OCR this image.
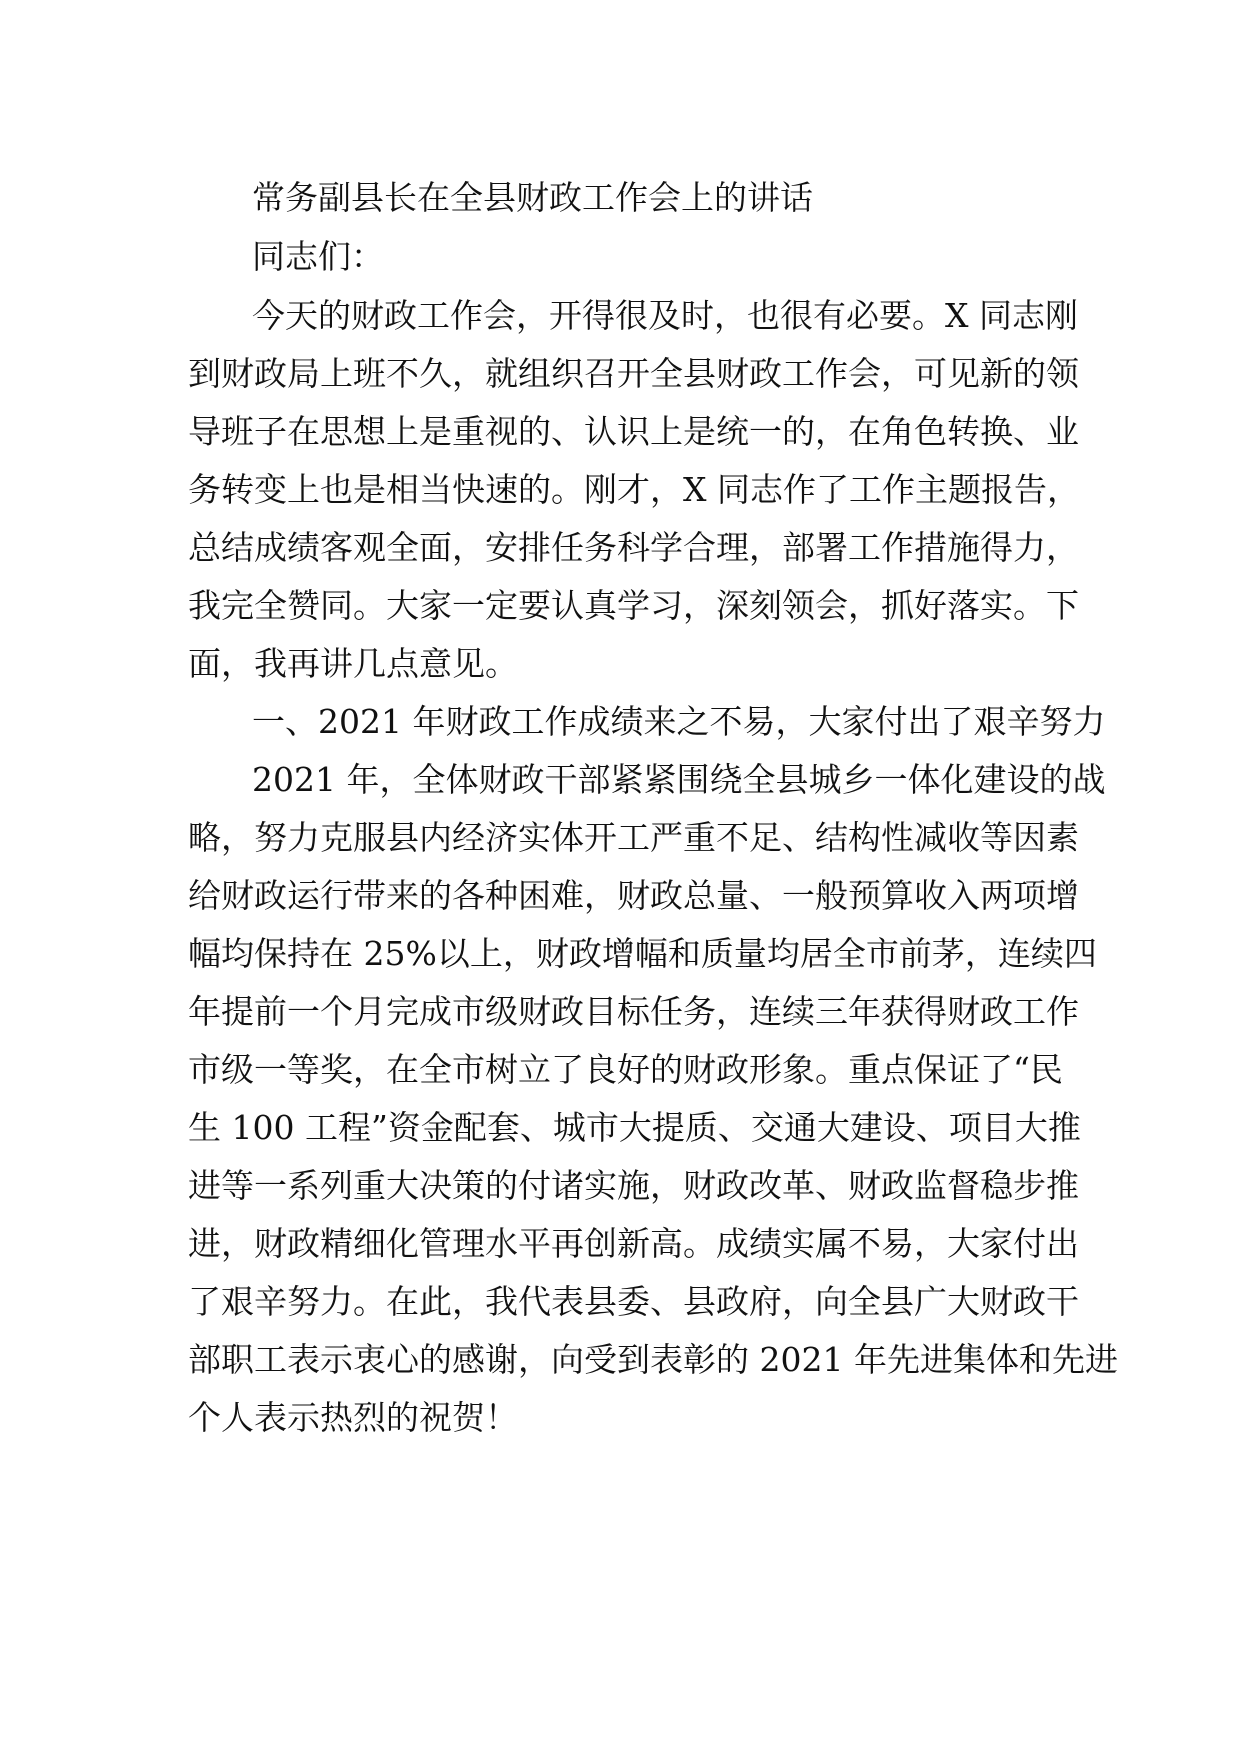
常务副县长在全县财政工作会上的讲话
同志们：
今天的财政工作会，开得很及时，也很有必要。X 同志刚
到财政局上班不久，就组织召开全县财政工作会，可见新的领
导班子在思想上是重视的、认识上是统一的，在角色转换、业
务转变上也是相当快速的。刚才，X 同志作了工作主题报告，
总结成绩客观全面，安排任务科学合理，部署工作措施得力，
我完全赞同。大家一定要认真学习，深刻领会，抓好落实。下
面，我再讲几点意见。
一、2021 年财政工作成绩来之不易，大家付出了艰辛努力
2021 年，全体财政干部紧紧围绕全县城乡一体化建设的战
略，努力克服县内经济实体开工严重不足、结构性减收等因素
给财政运行带来的各种困难，财政总量、一般预算收入两项增
幅均保持在 25%以上，财政增幅和质量均居全市前茅，连续四
年提前一个月完成市级财政目标任务，连续三年获得财政工作
市级一等奖，在全市树立了良好的财政形象。重点保证了“民
生 100 工程”资金配套、城市大提质、交通大建设、项目大推
进等一系列重大决策的付诸实施，财政改革、财政监督稳步推
进，财政精细化管理水平再创新高。成绩实属不易，大家付出
了艰辛努力。在此，我代表县委、县政府，向全县广大财政干
部职工表示衷心的感谢，向受到表彰的 2021 年先进集体和先进
个人表示热烈的祝贺！
